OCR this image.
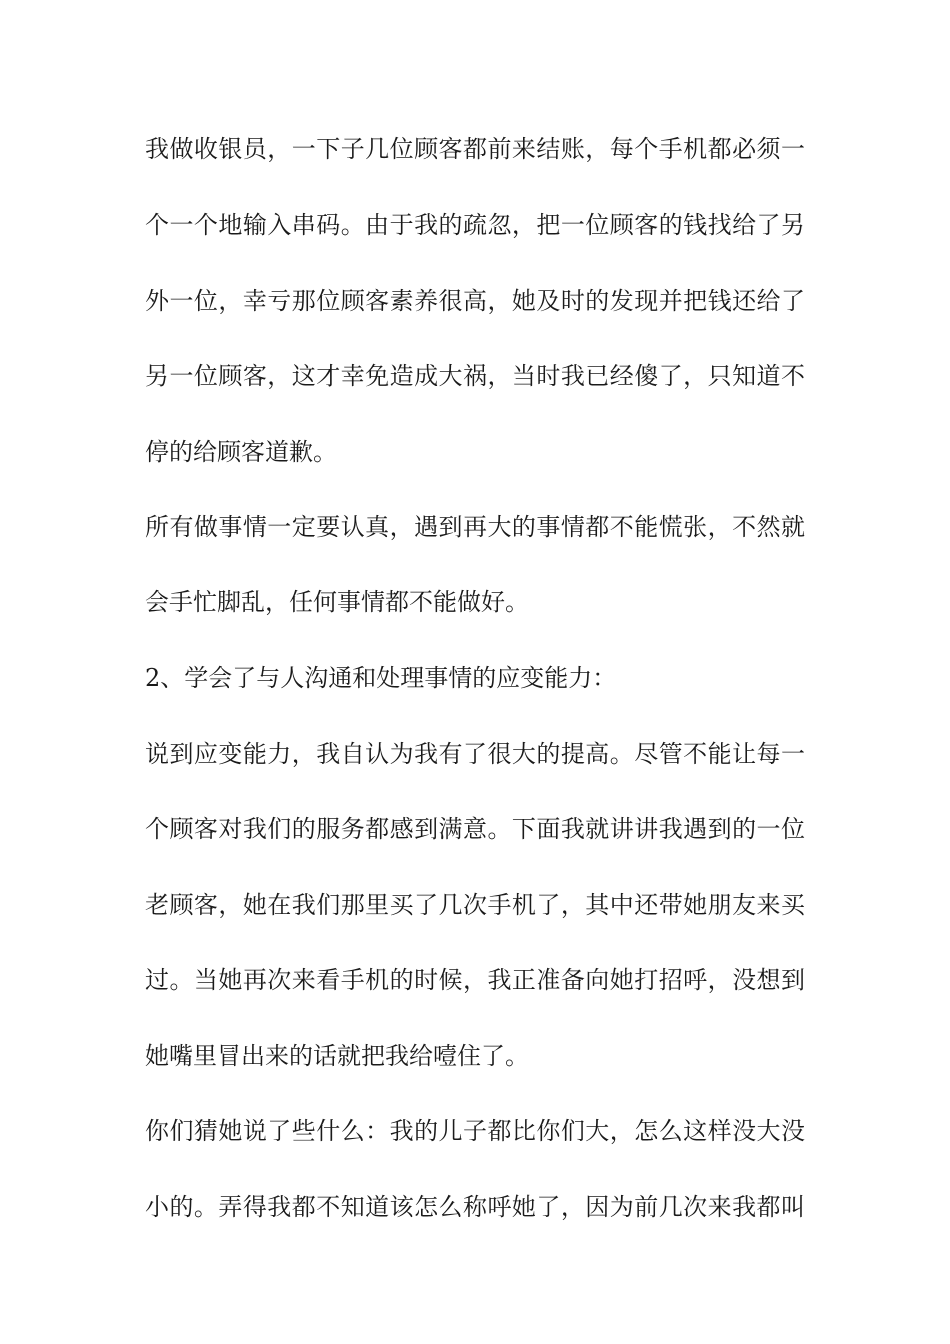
我做收银员，一下子几位顾客都前来结账，每个手机都必须一
个一个地输入串码。由于我的疏忽，把一位顾客的钱找给了另
外一位，幸亏那位顾客素养很高，她及时的发现并把钱还给了
另一位顾客，这才幸免造成大祸，当时我已经傻了，只知道不
停的给顾客道歉。
所有做事情一定要认真，遇到再大的事情都不能慌张，不然就
会手忙脚乱，任何事情都不能做好。
2、学会了与人沟通和处理事情的应变能力：
说到应变能力，我自认为我有了很大的提高。尽管不能让每一
个顾客对我们的服务都感到满意。下面我就讲讲我遇到的一位
老顾客，她在我们那里买了几次手机了，其中还带她朋友来买
过。当她再次来看手机的时候，我正准备向她打招呼，没想到
她嘴里冒出来的话就把我给噎住了。
你们猜她说了些什么：我的儿子都比你们大，怎么这样没大没
小的。弄得我都不知道该怎么称呼她了，因为前几次来我都叫
